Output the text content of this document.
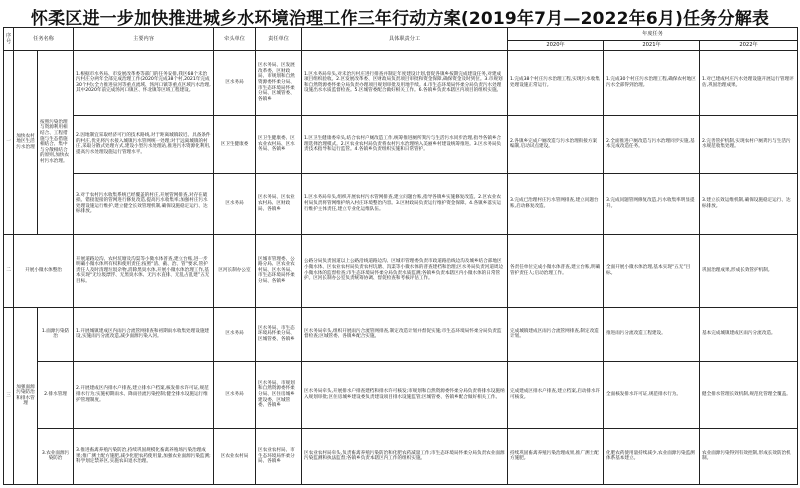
怀柔区进一步加快推进城乡水环境治理工作三年行动方案(2019年7月—2022年6月)任务分解表
序号	任务名称		主要内容	牵头单位	责任单位	具体职责分工	年度任务		
							2020年	2021年	2022年
一	加快农村地区生活污水治理	按照污染治理与资源利用相结合、工程措施与生态措施相结合、集中与分散相结合的原则,加快农村污水治理。	1.根据市水务局、市发展改革委等部门的任务安排,我区68个未治污村庄分两年全部完成治理工作(2020年完成38个村,2021年完成30个村);全力推进泉河等重点流域、汤河口镇等重点区域污水治理,其中2020年前完成汤河口镇区、怀北镇等区域工程建设。	区水务局	区水务局、区发展改革委、区财政局、市规划和自然资源委怀柔分局、市生态环境局怀柔分局、区城管委、各镇乡	1.区水务局牵头,对未治污村庄进行排查并制定年度建设计划,督促各镇乡按期完成建设任务,对建成项目组织验收。2.区发展改革委、区财政局负责项目审批和资金保障,确保资金及时到位。3.市规划和自然资源委怀柔分局负责办理项目规划审批及用地手续。4.市生态环境局怀柔分局负责污水处理设施出水水质监督检查。5.区城管委配合做好相关工作。6.各镇乡负责本辖区内项目的组织实施。	1.完成38个村庄污水治理工程,实现污水收集处理设施正常运行。	1.完成30个村庄污水治理工程,确保农村地区污水全部得到治理。	1.对已建成村庄污水处理设施开展运行管理评估,巩固治理成果。
			2.因地制宜采取经济可行的技术路线,对于距离城镇较近、具备条件的村庄,优先将污水接入城镇污水管网统一处理;对于远离城镇的村庄,采取分散式处理方式,建设小型污水处理站,推进污水资源化利用,提高污水处理设施运行管理水平。	区卫生健康委	区卫生健康委、区农业农村局、区水务局、各镇乡	1.区卫生健康委牵头,结合农村户厕改造工作,统筹推进厕所粪污与生活污水同步治理,指导各镇乡合理选择治理模式。2.区农业农村局负责将农村污水治理纳入美丽乡村建设统筹推进。3.区水务局负责技术指导和运行监管。4.各镇乡负责组织实施和日常管护。	2.各镇乡完成户厕改造与污水治理衔接方案编制,启动试点建设。	2.全面推进户厕改造与污水治理同步实施,基本完成改造任务。	2.完善管护机制,实现农村户厕粪污与生活污水规范收集处理。
			3.对于农村污水收集系统已经覆盖的村庄,开展管网排查,对存在破损、错接混接的管网进行修复改造,提高污水收集率;加强村庄污水处理设施运行维护,建立健全长效管理机制,确保设施稳定运行、达标排放。	区水务局	区水务局、区农业农村局、区财政局、各镇乡	1.区水务局牵头,组织开展农村污水管网排查,建立问题台账,指导各镇乡实施修复改造。2.区农业农村局负责将管网维护纳入村庄环境整治内容。3.区财政局负责运行维护资金保障。4.各镇乡落实运行维护主体责任,建立专业化运维队伍。	3.完成已治理村庄污水管网排查,建立问题台账,启动修复改造。	3.完成问题管网修复改造,污水收集率明显提升。	3.建立长效运维机制,确保设施稳定运行、达标排放。
二	开展小微水体整治		开展道路边沟、农村坑塘及沟渠等小微水体普查,建立台账,进一步明确小微水体所有权和使用责任;按照“清、截、治、管”要求,管护责任人及时清理垃圾杂物,消除黑臭水体,开展小微水体治理工作,基本实现“无垃圾漂浮、无黑臭水体、无污水直排、无乱占乱建”五无目标。	区河长制办公室	区城市管理委、公路分局、区农业农村局、区水务局、市生态环境局怀柔分局、各镇乡	公路分局负责国道以上公路沿线道路边沟、区城市管理委负责市政道路沿线边沟及城乡结合部地区小微水体、区农业农村局负责农村坑塘、沟渠等小微水体的普查建档和治理;区水务局负责河道周边小微水体的监督检查;市生态环境局怀柔分局负责水质监测;各镇乡负责本辖区内小微水体的日常管护。区河长制办公室负责统筹协调、督促检查和考核评估工作。	各责任单位完成小微水体普查,建立台账,明确管护责任人;启动治理工作。	全面开展小微水体治理,基本实现“五无”目标。	巩固治理成果,形成长效管护机制。
三	加强面源污染防治和排水管理	1.面源污染防治	1.开展城镇建成区内雨污合流管网排查和初期雨水收集处理设施建设,实施雨污分流改造,减少面源污染入河。	区水务局	区水务局、市生态环境局怀柔分局、区城管委、各镇乡	区水务局牵头,组织开展雨污合流管网排查,制定改造计划并督促实施;市生态环境局怀柔分局负责监督检查;区城管委、各镇乡配合实施。	完成城镇建成区雨污合流管网排查,制定改造计划。	推进雨污分流改造工程建设。	基本完成城镇建成区雨污分流改造。
		2.排水管理	2.开展建成区内排水户排查,建立排水户档案,核发排水许可证,规范排水行为;实施初期雨水、降雨径流污染控制;健全排水设施运行维护管理制度。	区水务局	区水务局、市规划和自然资源委怀柔分局、区住房城乡建设委、区城管委、各镇乡	区水务局牵头,开展排水户排查建档和排水许可核发;市规划和自然资源委怀柔分局负责将排水设施纳入规划审批;区住房城乡建设委负责建设项目排水设施监管;区城管委、各镇乡配合做好相关工作。	完成建成区排水户排查,建立档案,启动排水许可核发。	全面核发排水许可证,规范排水行为。	健全排水管理长效机制,规范化管理全覆盖。
		3.农业面源污染防治	3.推进畜禽养殖污染防治,持续巩固规模化畜禽养殖场污染治理成果;推广测土配方施肥,减少化肥农药使用量,加强农业面源污染监测;科学划定禁养区,实施农田退水治理。	区农业农村局	区农业农村局、市生态环境局怀柔分局、各镇乡	区农业农村局牵头,负责畜禽养殖污染防治和化肥农药减量工作;市生态环境局怀柔分局负责农业面源污染监测和执法监督;各镇乡负责本辖区内工作的组织实施。	持续巩固畜禽养殖污染治理成果,推广测土配方施肥。	化肥农药使用量持续减少,农业面源污染监测体系基本建立。	农业面源污染得到有效控制,形成长效防治机制。
